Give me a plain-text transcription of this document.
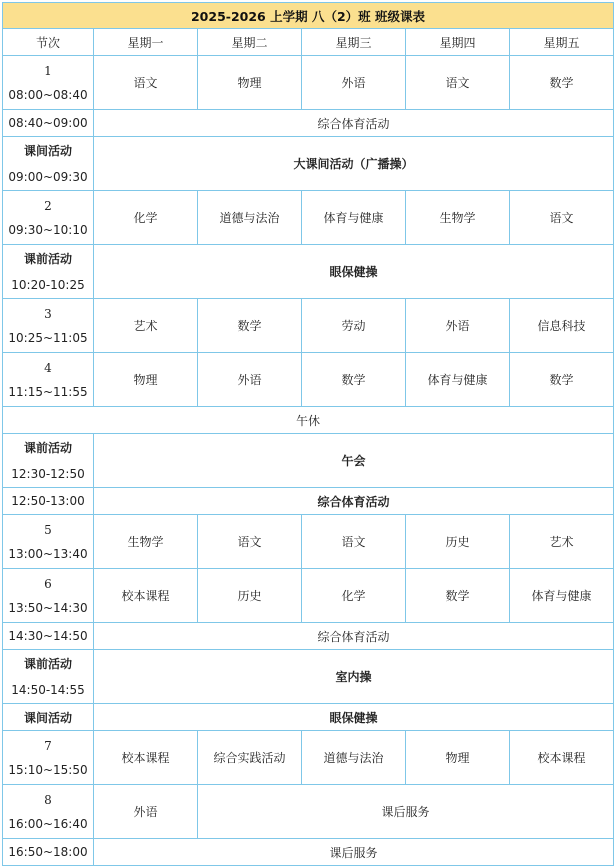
2025-2026 上学期 八（2）班 班级课表					
节次	星期一	星期二	星期三	星期四	星期五

1
08:00~08:40	语文	物理	外语	语文	数学
08:40~09:00	综合体育活动				

课间活动
09:00~09:30	大课间活动（广播操）				

2
09:30~10:10	化学	道德与法治	体育与健康	生物学	语文

课前活动
10:20-10:25	眼保健操				

3
10:25~11:05	艺术	数学	劳动	外语	信息科技

4
11:15~11:55	物理	外语	数学	体育与健康	数学
午休					

课前活动
12:30-12:50	午会				
12:50-13:00	综合体育活动				

5
13:00~13:40	生物学	语文	语文	历史	艺术

6
13:50~14:30	校本课程	历史	化学	数学	体育与健康
14:30~14:50	综合体育活动				

课前活动
14:50-14:55	室内操				
课间活动	眼保健操				

7
15:10~15:50	校本课程	综合实践活动	道德与法治	物理	校本课程

8
16:00~16:40	外语	课后服务			
16:50~18:00	课后服务				
